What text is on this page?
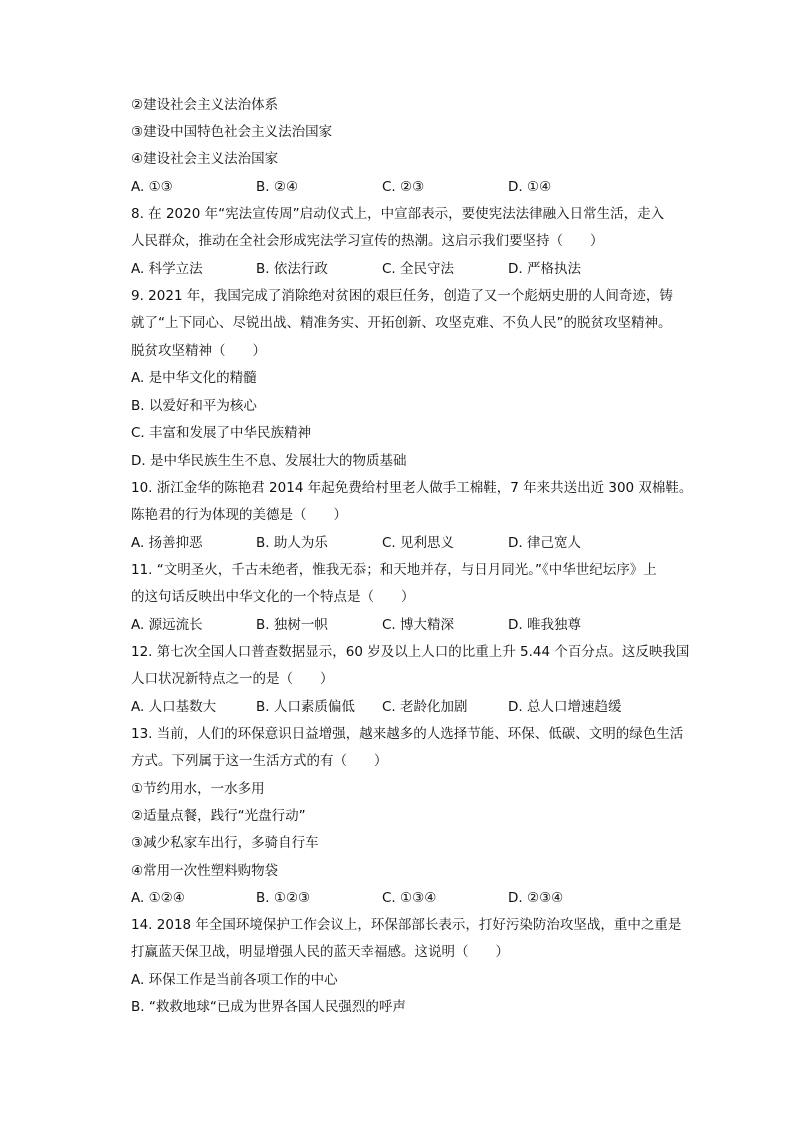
②建设社会主义法治体系
③建设中国特色社会主义法治国家
④建设社会主义法治国家
A. ①③	B. ②④	C. ②③	D. ①④
8. 在 2020 年“宪法宣传周”启动仪式上，中宣部表示，要使宪法法律融入日常生活，走入
人民群众，推动在全社会形成宪法学习宣传的热潮。这启示我们要坚持（　　）
A. 科学立法	B. 依法行政	C. 全民守法	D. 严格执法
9. 2021 年，我国完成了消除绝对贫困的艰巨任务，创造了又一个彪炳史册的人间奇迹，铸
就了“上下同心、尽锐出战、精准务实、开拓创新、攻坚克难、不负人民”的脱贫攻坚精神。
脱贫攻坚精神（　　）
A. 是中华文化的精髓
B. 以爱好和平为核心
C. 丰富和发展了中华民族精神
D. 是中华民族生生不息、发展壮大的物质基础
10. 浙江金华的陈艳君 2014 年起免费给村里老人做手工棉鞋，7 年来共送出近 300 双棉鞋。
陈艳君的行为体现的美德是（　　）
A. 扬善抑恶	B. 助人为乐	C. 见利思义	D. 律己宽人
11. “文明圣火，千古未绝者，惟我无忝；和天地并存，与日月同光。”《中华世纪坛序》上
的这句话反映出中华文化的一个特点是（　　）
A. 源远流长	B. 独树一帜	C. 博大精深	D. 唯我独尊
12. 第七次全国人口普查数据显示，60 岁及以上人口的比重上升 5.44 个百分点。这反映我国
人口状况新特点之一的是（　　）
A. 人口基数大	B. 人口素质偏低 C. 老龄化加剧	D. 总人口增速趋缓
13. 当前，人们的环保意识日益增强，越来越多的人选择节能、环保、低碳、文明的绿色生活
方式。下列属于这一生活方式的有（　　）
①节约用水，一水多用
②适量点餐，践行“光盘行动”
③减少私家车出行，多骑自行车
④常用一次性塑料购物袋
A. ①②④	B. ①②③	C. ①③④	D. ②③④
14. 2018 年全国环境保护工作会议上，环保部部长表示，打好污染防治攻坚战，重中之重是
打赢蓝天保卫战，明显增强人民的蓝天幸福感。这说明（　　）
A. 环保工作是当前各项工作的中心
B. “救救地球“已成为世界各国人民强烈的呼声
